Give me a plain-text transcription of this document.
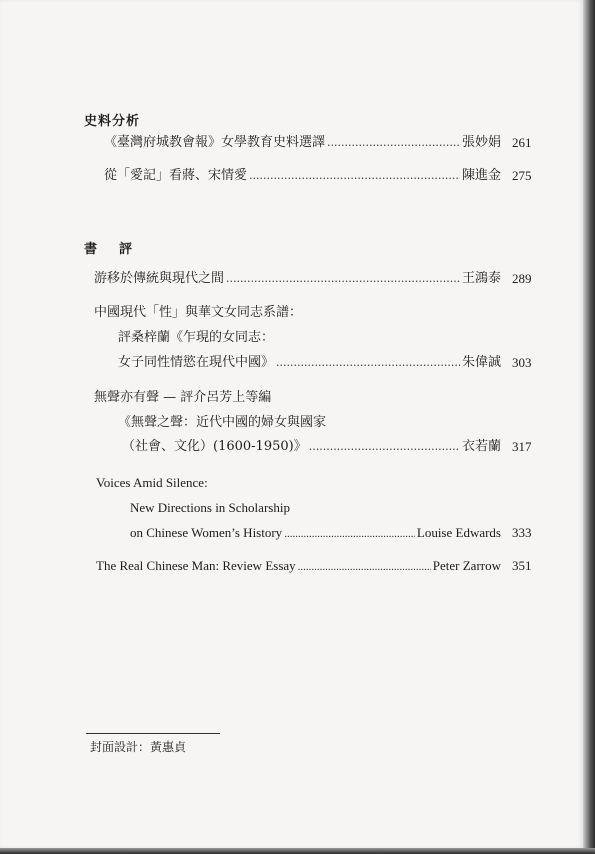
史料分析
《臺灣府城教會報》女學教育史料選譯 .....	張妙娟 261
從「愛記」看蔣、宋情愛 .....	陳進金 275
書評
游移於傳統與現代之間 .....	王鴻泰 289
中國現代「性」與華文女同志系譜：
評桑梓蘭《乍現的女同志：
女子同性情慾在現代中國》 .....	朱偉誠 303
無聲亦有聲 — 評介呂芳上等編
《無聲之聲：近代中國的婦女與國家
（社會、文化）(1600-1950)》 .....	衣若蘭 317
Voices Amid Silence:
New Directions in Scholarship
on Chinese Women’s History .....	Louise Edwards 333
The Real Chinese Man: Review Essay .....	Peter Zarrow 351
封面設計：黃惠貞
